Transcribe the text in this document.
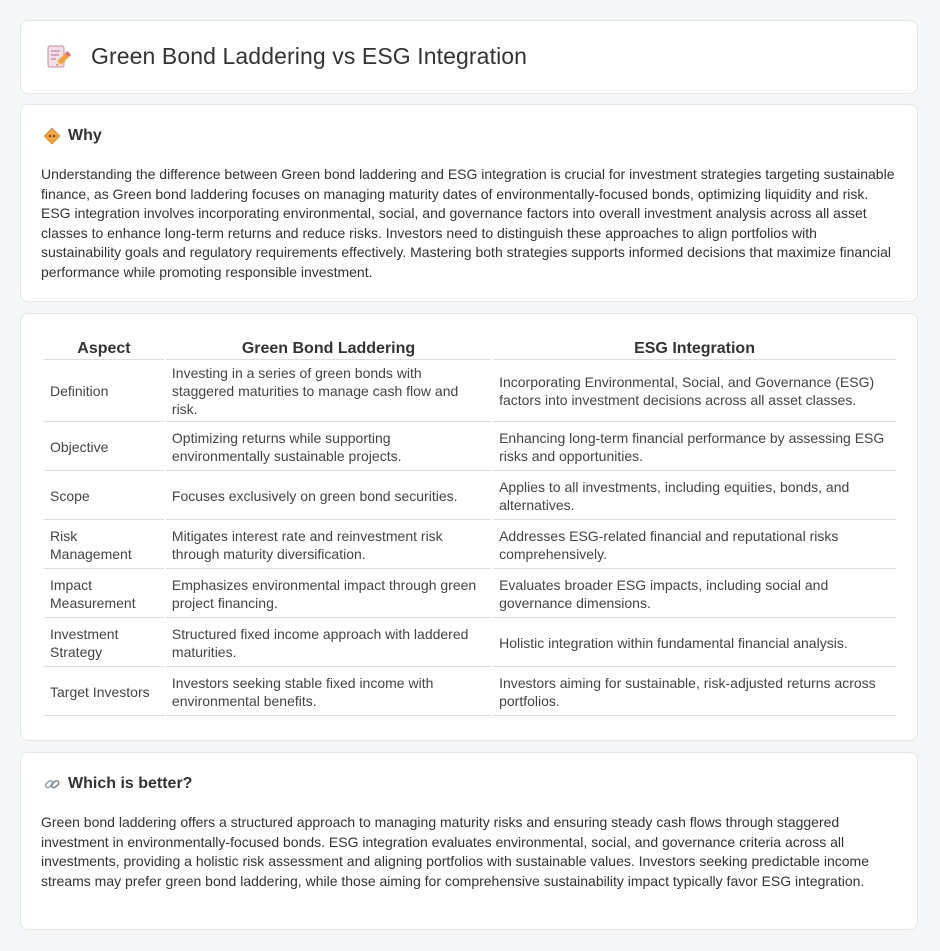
Green Bond Laddering vs ESG Integration
Why
Understanding the difference between Green bond laddering and ESG integration is crucial for investment strategies targeting sustainable finance, as Green bond laddering focuses on managing maturity dates of environmentally-focused bonds, optimizing liquidity and risk. ESG integration involves incorporating environmental, social, and governance factors into overall investment analysis across all asset classes to enhance long-term returns and reduce risks. Investors need to distinguish these approaches to align portfolios with sustainability goals and regulatory requirements effectively. Mastering both strategies supports informed decisions that maximize financial performance while promoting responsible investment.
Aspect	Green Bond Laddering	ESG Integration
Definition	Investing in a series of green bonds with staggered maturities to manage cash flow and risk.	Incorporating Environmental, Social, and Governance (ESG) factors into investment decisions across all asset classes.
Objective	Optimizing returns while supporting environmentally sustainable projects.	Enhancing long-term financial performance by assessing ESG risks and opportunities.
Scope	Focuses exclusively on green bond securities.	Applies to all investments, including equities, bonds, and alternatives.
Risk Management	Mitigates interest rate and reinvestment risk through maturity diversification.	Addresses ESG-related financial and reputational risks comprehensively.
Impact Measurement	Emphasizes environmental impact through green project financing.	Evaluates broader ESG impacts, including social and governance dimensions.
Investment Strategy	Structured fixed income approach with laddered maturities.	Holistic integration within fundamental financial analysis.
Target Investors	Investors seeking stable fixed income with environmental benefits.	Investors aiming for sustainable, risk-adjusted returns across portfolios.
Which is better?
Green bond laddering offers a structured approach to managing maturity risks and ensuring steady cash flows through staggered investment in environmentally-focused bonds. ESG integration evaluates environmental, social, and governance criteria across all investments, providing a holistic risk assessment and aligning portfolios with sustainable values. Investors seeking predictable income streams may prefer green bond laddering, while those aiming for comprehensive sustainability impact typically favor ESG integration.
